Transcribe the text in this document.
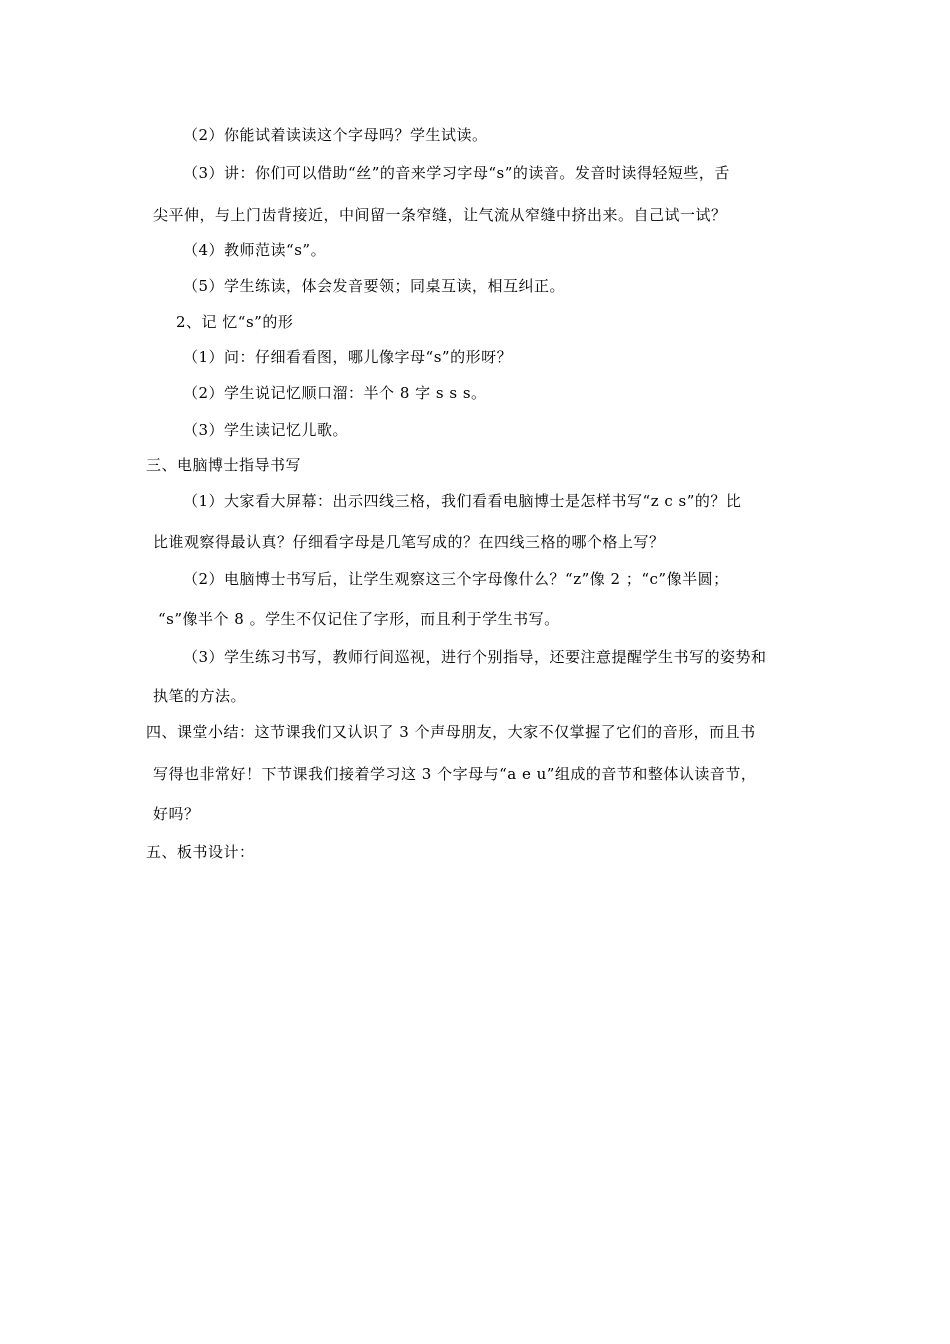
（2）你能试着读读这个字母吗？学生试读。
（3）讲：你们可以借助“丝”的音来学习字母“s”的读音。发音时读得轻短些，舌
尖平伸，与上门齿背接近，中间留一条窄缝，让气流从窄缝中挤出来。自己试一试？
（4）教师范读“s”。
（5）学生练读，体会发音要领；同桌互读，相互纠正。
2、记 忆“s”的形
（1）问：仔细看看图，哪儿像字母“s”的形呀？
（2）学生说记忆顺口溜：半个 8 字 s s s。
（3）学生读记忆儿歌。
三、电脑博士指导书写
（1）大家看大屏幕：出示四线三格，我们看看电脑博士是怎样书写“z c s”的？比
比谁观察得最认真？仔细看字母是几笔写成的？在四线三格的哪个格上写？
（2）电脑博士书写后，让学生观察这三个字母像什么？“z”像 2 ；“c”像半圆；
“s”像半个 8 。学生不仅记住了字形，而且利于学生书写。
（3）学生练习书写，教师行间巡视，进行个别指导，还要注意提醒学生书写的姿势和
执笔的方法。
四、课堂小结：这节课我们又认识了 3 个声母朋友，大家不仅掌握了它们的音形，而且书
写得也非常好！下节课我们接着学习这 3 个字母与“a e u”组成的音节和整体认读音节，
好吗？
五、板书设计：
